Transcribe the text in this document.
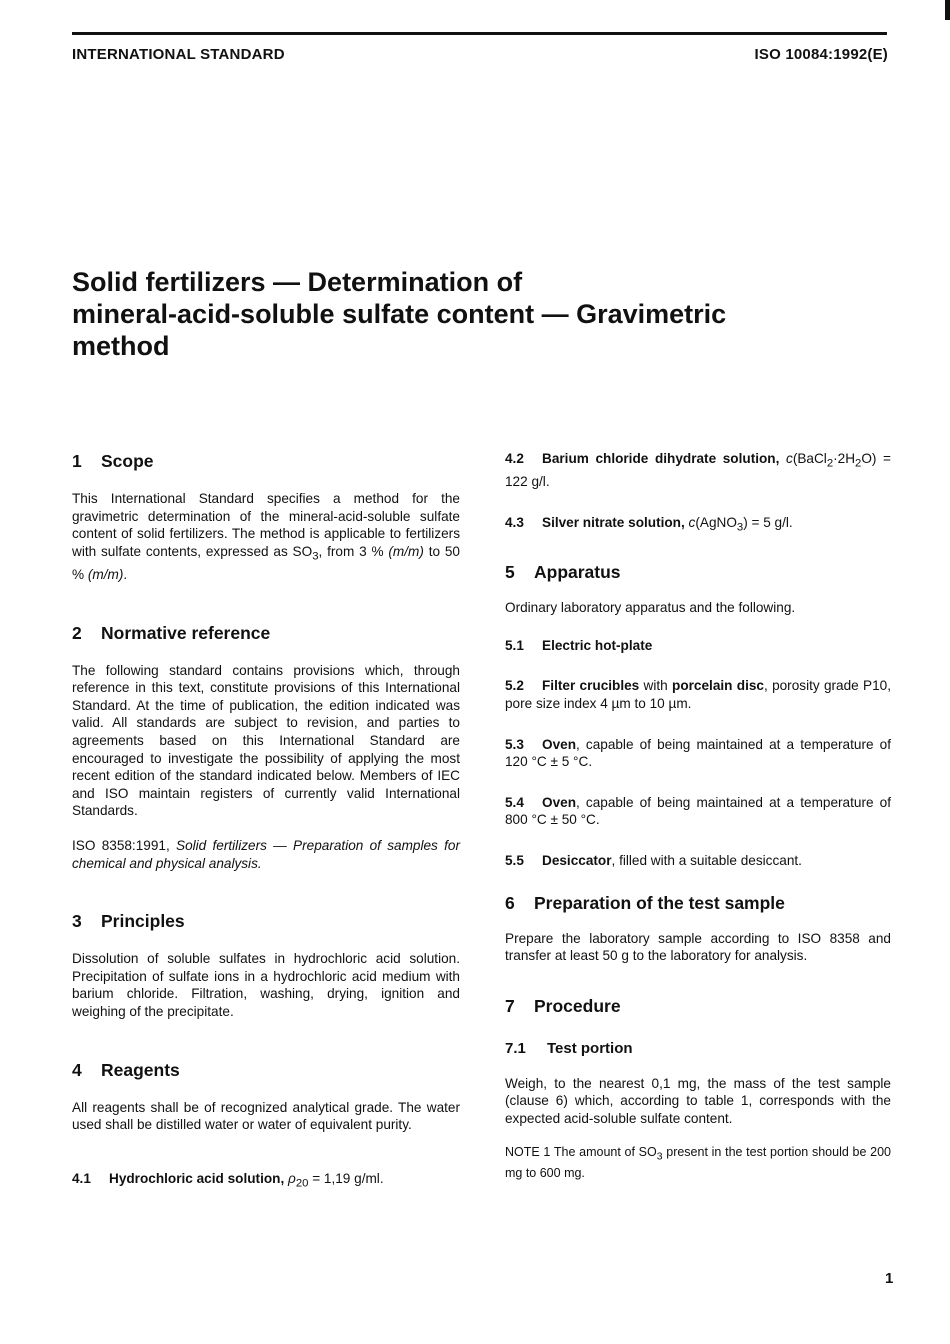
INTERNATIONAL STANDARD	ISO 10084:1992(E)
Solid fertilizers — Determination of
mineral-acid-soluble sulfate content — Gravimetric
method
1 Scope

This International Standard specifies a method for the gravimetric determination of the mineral-acid-soluble sulfate content of solid fertilizers. The method is applicable to fertilizers with sulfate contents, expressed as $SO_3$, from 3 % (m/m) to 50 % (m/m).

2 Normative reference

The following standard contains provisions which, through reference in this text, constitute provisions of this International Standard. At the time of publication, the edition indicated was valid. All standards are subject to revision, and parties to agreements based on this International Standard are encouraged to investigate the possibility of applying the most recent edition of the standard indicated below. Members of IEC and ISO maintain registers of currently valid International Standards.

ISO 8358:1991, Solid fertilizers — Preparation of samples for chemical and physical analysis.

3 Principles

Dissolution of soluble sulfates in hydrochloric acid solution. Precipitation of sulfate ions in a hydrochloric acid medium with barium chloride. Filtration, washing, drying, ignition and weighing of the precipitate.

4 Reagents

All reagents shall be of recognized analytical grade. The water used shall be distilled water or water of equivalent purity.

4.1 Hydrochloric acid solution, $\rho_{20} = 1,19$ g/ml.

4.2 Barium chloride dihydrate solution, $c(BaCl_2\cdot 2H_2O) = 122$ g/l.

4.3 Silver nitrate solution, c(AgNO$_3$) = 5 g/l.

5 Apparatus

Ordinary laboratory apparatus and the following.

5.1 Electric hot-plate

5.2 Filter crucibles with porcelain disc, porosity grade P10, pore size index 4 µm to 10 µm.

5.3 Oven, capable of being maintained at a temperature of 120 °C ± 5 °C.

5.4 Oven, capable of being maintained at a temperature of 800 °C ± 50 °C.

5.5 Desiccator, filled with a suitable desiccant.

6 Preparation of the test sample

Prepare the laboratory sample according to ISO 8358 and transfer at least 50 g to the laboratory for analysis.

7 Procedure
7.1 Test portion

Weigh, to the nearest 0,1 mg, the mass of the test sample (clause 6) which, according to table 1, corresponds with the expected acid-soluble sulfate content.

NOTE 1 The amount of $SO_3$ present in the test portion should be 200 mg to 600 mg.

1
